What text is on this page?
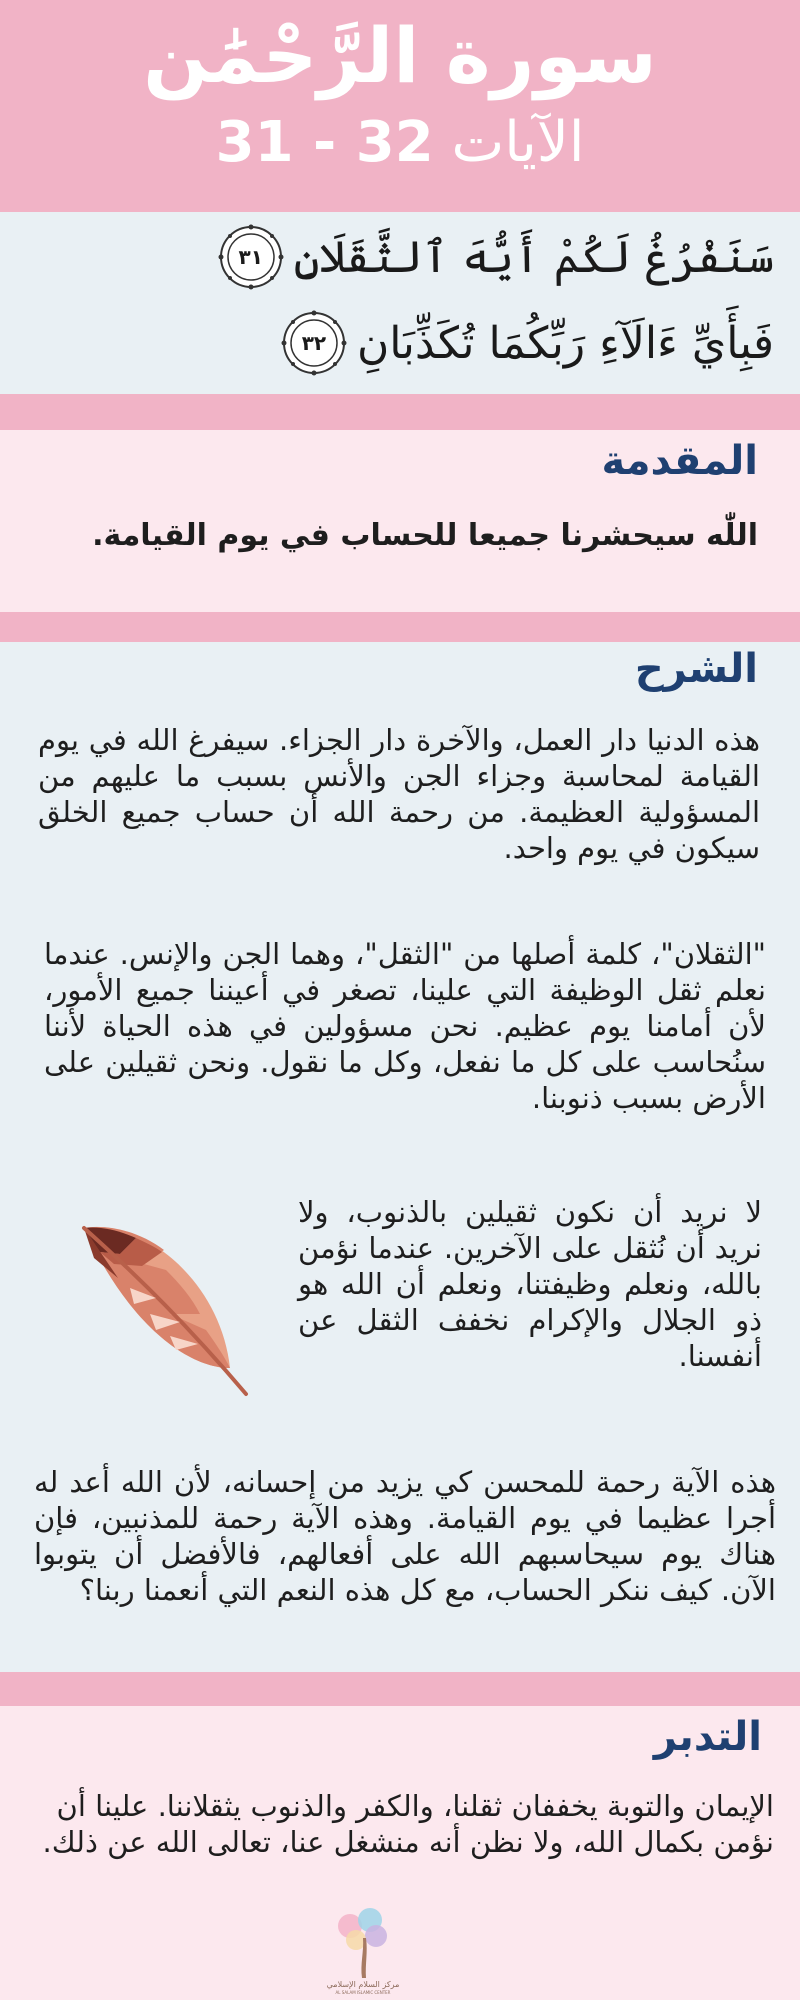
سورة الرَّحْمَٰن
الآيات 31 - 32
سَنَفْرُغُ لَكُمْ أَيُّهَ ٱلثَّقَلَانِ
٣١
فَبِأَيِّ ءَالَآءِ رَبِّكُمَا تُكَذِّبَانِ
٣٢
المقدمة
اللّٰه سيحشرنا جميعا للحساب في يوم القيامة.
الشرح

هذه الدنيا دار العمل، والآخرة دار الجزاء. سيفرغ الله في يوم القيامة لمحاسبة وجزاء الجن والأنس بسبب ما عليهم من المسؤولية العظيمة. من رحمة الله أن حساب جميع الخلق سيكون في يوم واحد.

"الثقلان"، كلمة أصلها من "الثقل"، وهما الجن والإنس. عندما نعلم ثقل الوظيفة التي علينا، تصغر في أعيننا جميع الأمور، لأن أمامنا يوم عظيم. نحن مسؤولين في هذه الحياة لأننا سنُحاسب على كل ما نفعل، وكل ما نقول. ونحن ثقيلين على الأرض بسبب ذنوبنا.

لا نريد أن نكون ثقيلين بالذنوب، ولا نريد أن نُثقل على الآخرين. عندما نؤمن بالله، ونعلم وظيفتنا، ونعلم أن الله هو ذو الجلال والإكرام نخفف الثقل عن أنفسنا.

هذه الآية رحمة للمحسن كي يزيد من إحسانه، لأن الله أعد له أجرا عظيما في يوم القيامة. وهذه الآية رحمة للمذنبين، فإن هناك يوم سيحاسبهم الله على أفعالهم، فالأفضل أن يتوبوا الآن. كيف ننكر الحساب، مع كل هذه النعم التي أنعمنا ربنا؟

التدبر

الإيمان والتوبة يخففان ثقلنا، والكفر والذنوب يثقلاننا. علينا أن نؤمن بكمال الله، ولا نظن أنه منشغل عنا، تعالى الله عن ذلك.

مركز السلام الإسلامي
AL SALAM ISLAMIC CENTER
